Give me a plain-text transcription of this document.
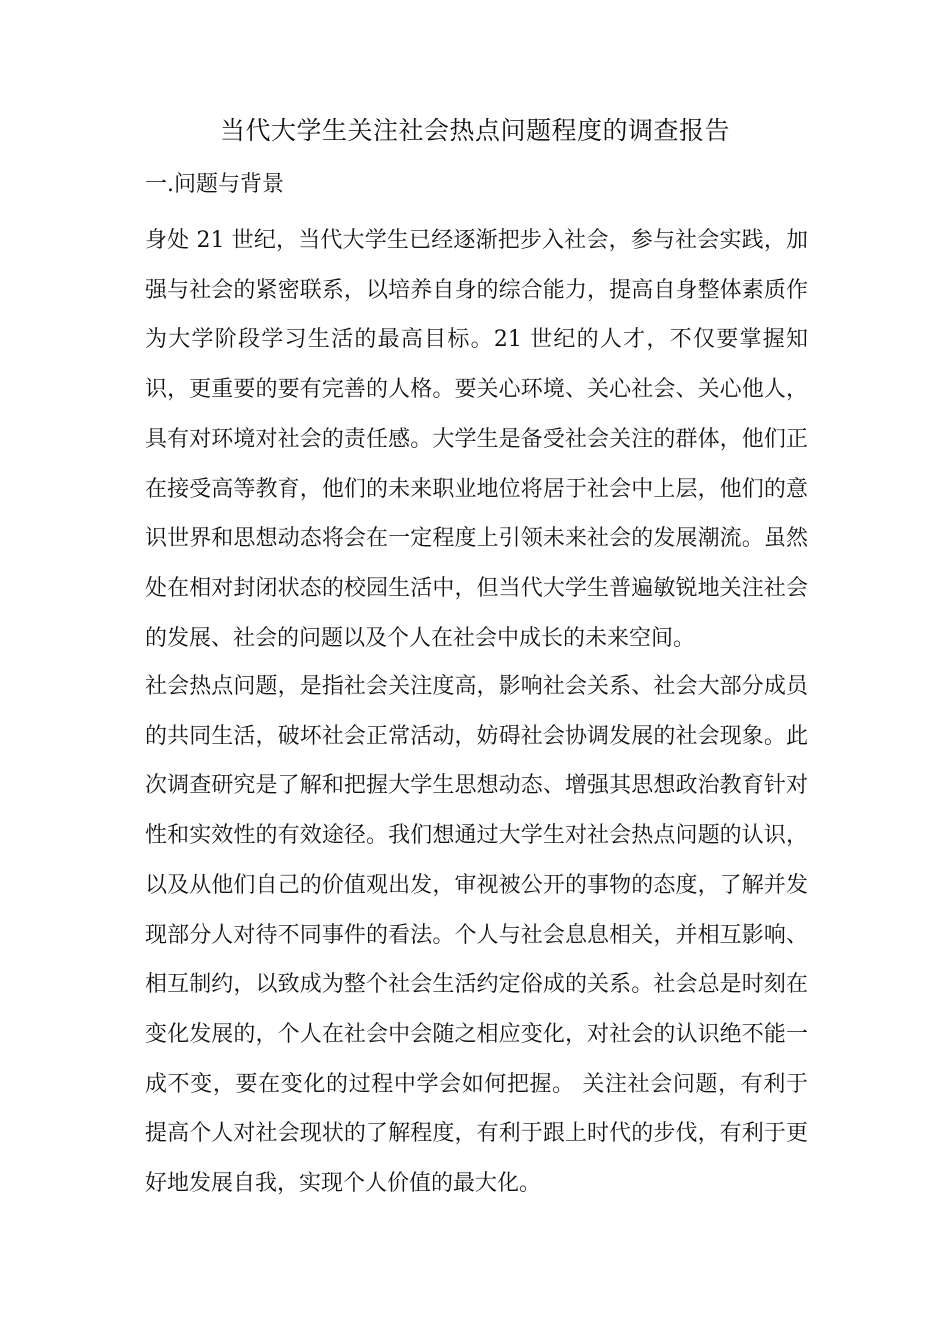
当代大学生关注社会热点问题程度的调查报告
一.问题与背景

身处 21 世纪，当代大学生已经逐渐把步入社会，参与社会实践，加强与社会的紧密联系，以培养自身的综合能力，提高自身整体素质作为大学阶段学习生活的最高目标。21 世纪的人才，不仅要掌握知识，更重要的要有完善的人格。要关心环境、关心社会、关心他人，具有对环境对社会的责任感。大学生是备受社会关注的群体，他们正在接受高等教育，他们的未来职业地位将居于社会中上层，他们的意识世界和思想动态将会在一定程度上引领未来社会的发展潮流。虽然处在相对封闭状态的校园生活中，但当代大学生普遍敏锐地关注社会的发展、社会的问题以及个人在社会中成长的未来空间。

社会热点问题，是指社会关注度高，影响社会关系、社会大部分成员的共同生活，破坏社会正常活动，妨碍社会协调发展的社会现象。此次调查研究是了解和把握大学生思想动态、增强其思想政治教育针对性和实效性的有效途径。我们想通过大学生对社会热点问题的认识，以及从他们自己的价值观出发，审视被公开的事物的态度，了解并发现部分人对待不同事件的看法。个人与社会息息相关，并相互影响、相互制约，以致成为整个社会生活约定俗成的关系。社会总是时刻在变化发展的，个人在社会中会随之相应变化，对社会的认识绝不能一成不变，要在变化的过程中学会如何把握。 关注社会问题，有利于提高个人对社会现状的了解程度，有利于跟上时代的步伐，有利于更好地发展自我，实现个人价值的最大化。
